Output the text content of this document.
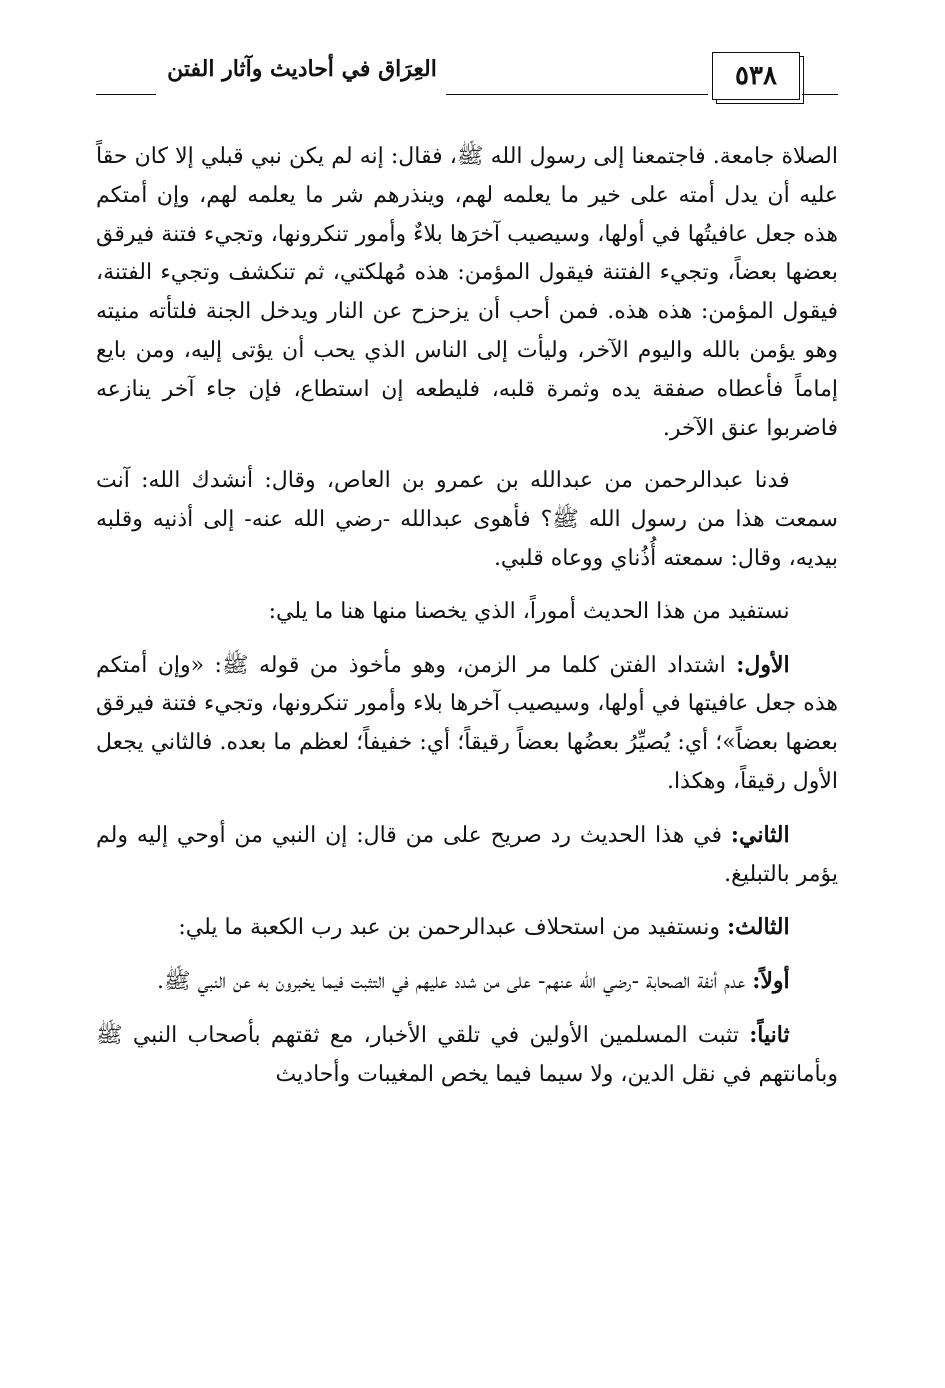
العِرَاق في أحاديث وآثار الفتن	٥٣٨

الصلاة جامعة. فاجتمعنا إلى رسول الله ﷺ، فقال: إنه لم يكن نبي قبلي إلا كان حقاً عليه أن يدل أمته على خير ما يعلمه لهم، وينذرهم شر ما يعلمه لهم، وإن أمتكم هذه جعل عافيتُها في أولها، وسيصيب آخرَها بلاءٌ وأمور تنكرونها، وتجيء فتنة فيرقق بعضها بعضاً، وتجيء الفتنة فيقول المؤمن: هذه مُهلكتي، ثم تنكشف وتجيء الفتنة، فيقول المؤمن: هذه هذه. فمن أحب أن يزحزح عن النار ويدخل الجنة فلتأته منيته وهو يؤمن بالله واليوم الآخر، وليأت إلى الناس الذي يحب أن يؤتى إليه، ومن بايع إماماً فأعطاه صفقة يده وثمرة قلبه، فليطعه إن استطاع، فإن جاء آخر ينازعه فاضربوا عنق الآخر.

فدنا عبدالرحمن من عبدالله بن عمرو بن العاص، وقال: أنشدك الله: آنت سمعت هذا من رسول الله ﷺ؟ فأهوى عبدالله -رضي الله عنه- إلى أذنيه وقلبه بيديه، وقال: سمعته أُذُناي ووعاه قلبي.

نستفيد من هذا الحديث أموراً، الذي يخصنا منها هنا ما يلي:

الأول: اشتداد الفتن كلما مر الزمن، وهو مأخوذ من قوله ﷺ: «وإن أمتكم هذه جعل عافيتها في أولها، وسيصيب آخرها بلاء وأمور تنكرونها، وتجيء فتنة فيرقق بعضها بعضاً»؛ أي: يُصيِّرُ بعضُها بعضاً رقيقاً؛ أي: خفيفاً؛ لعظم ما بعده. فالثاني يجعل الأول رقيقاً، وهكذا.

الثاني: في هذا الحديث رد صريح على من قال: إن النبي من أوحي إليه ولم يؤمر بالتبليغ.

الثالث: ونستفيد من استحلاف عبدالرحمن بن عبد رب الكعبة ما يلي:

أولاً: عدم أنفة الصحابة -رضي الله عنهم- على من شدد عليهم في التثبت فيما يخبرون به عن النبي ﷺ.

ثانياً: تثبت المسلمين الأولين في تلقي الأخبار، مع ثقتهم بأصحاب النبي ﷺ وبأمانتهم في نقل الدين، ولا سيما فيما يخص المغيبات وأحاديث
